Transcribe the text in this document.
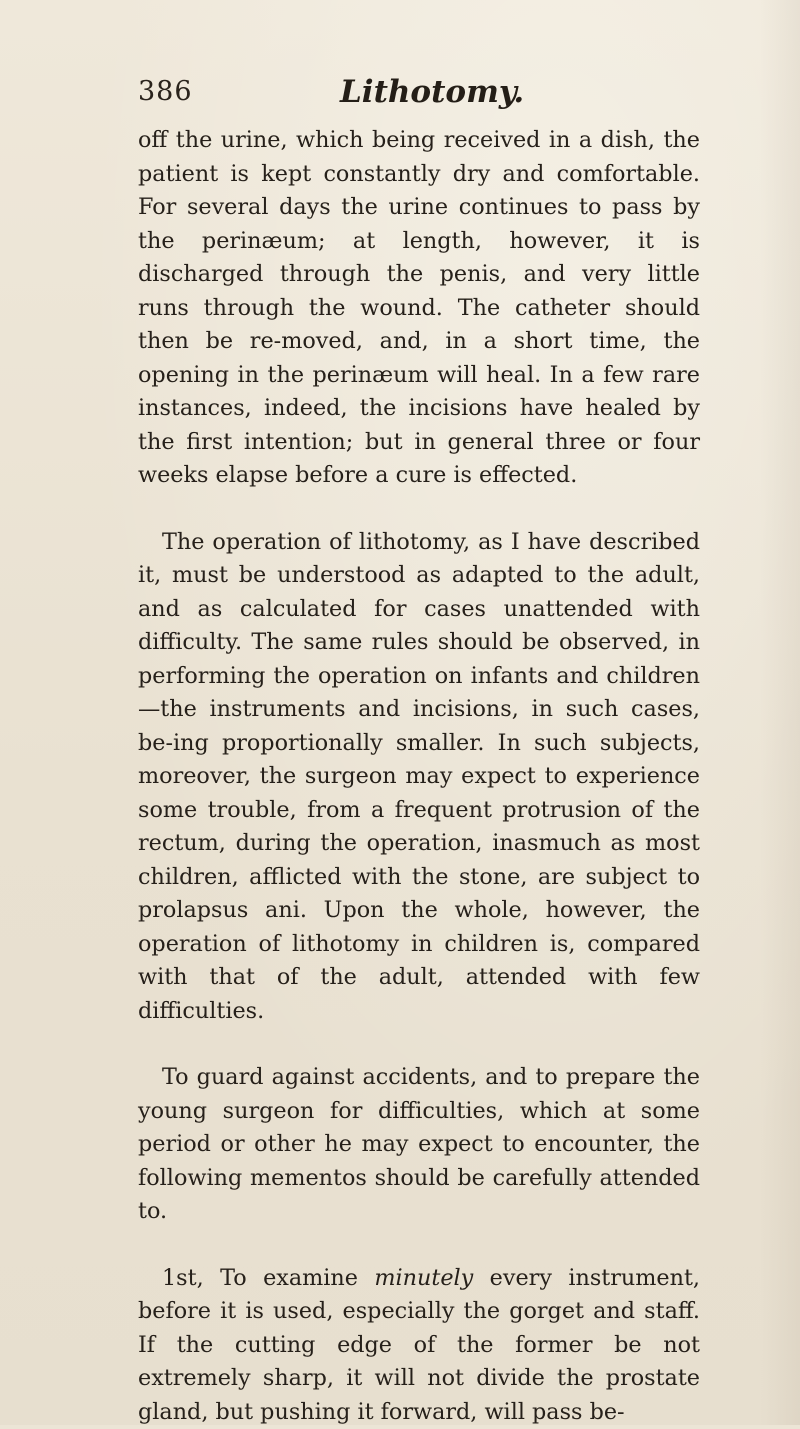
386	Lithotomy.

off the urine, which being received in a dish, the patient is kept constantly dry and comfortable. For several days the urine continues to pass by the perinæum; at length, however, it is discharged through the penis, and very little runs through the wound. The catheter should then be re-moved, and, in a short time, the opening in the perinæum will heal. In a few rare instances, indeed, the incisions have healed by the first intention; but in general three or four weeks elapse before a cure is effected.

The operation of lithotomy, as I have described it, must be understood as adapted to the adult, and as calculated for cases unattended with difficulty. The same rules should be observed, in performing the operation on infants and children—the instruments and incisions, in such cases, be-ing proportionally smaller. In such subjects, moreover, the surgeon may expect to experience some trouble, from a frequent protrusion of the rectum, during the operation, inasmuch as most children, afflicted with the stone, are subject to prolapsus ani. Upon the whole, however, the operation of lithotomy in children is, compared with that of the adult, attended with few difficulties.

To guard against accidents, and to prepare the young surgeon for difficulties, which at some period or other he may expect to encounter, the following mementos should be carefully attended to.

1st, To examine minutely every instrument, before it is used, especially the gorget and staff. If the cutting edge of the former be not extremely sharp, it will not divide the prostate gland, but pushing it forward, will pass be-
